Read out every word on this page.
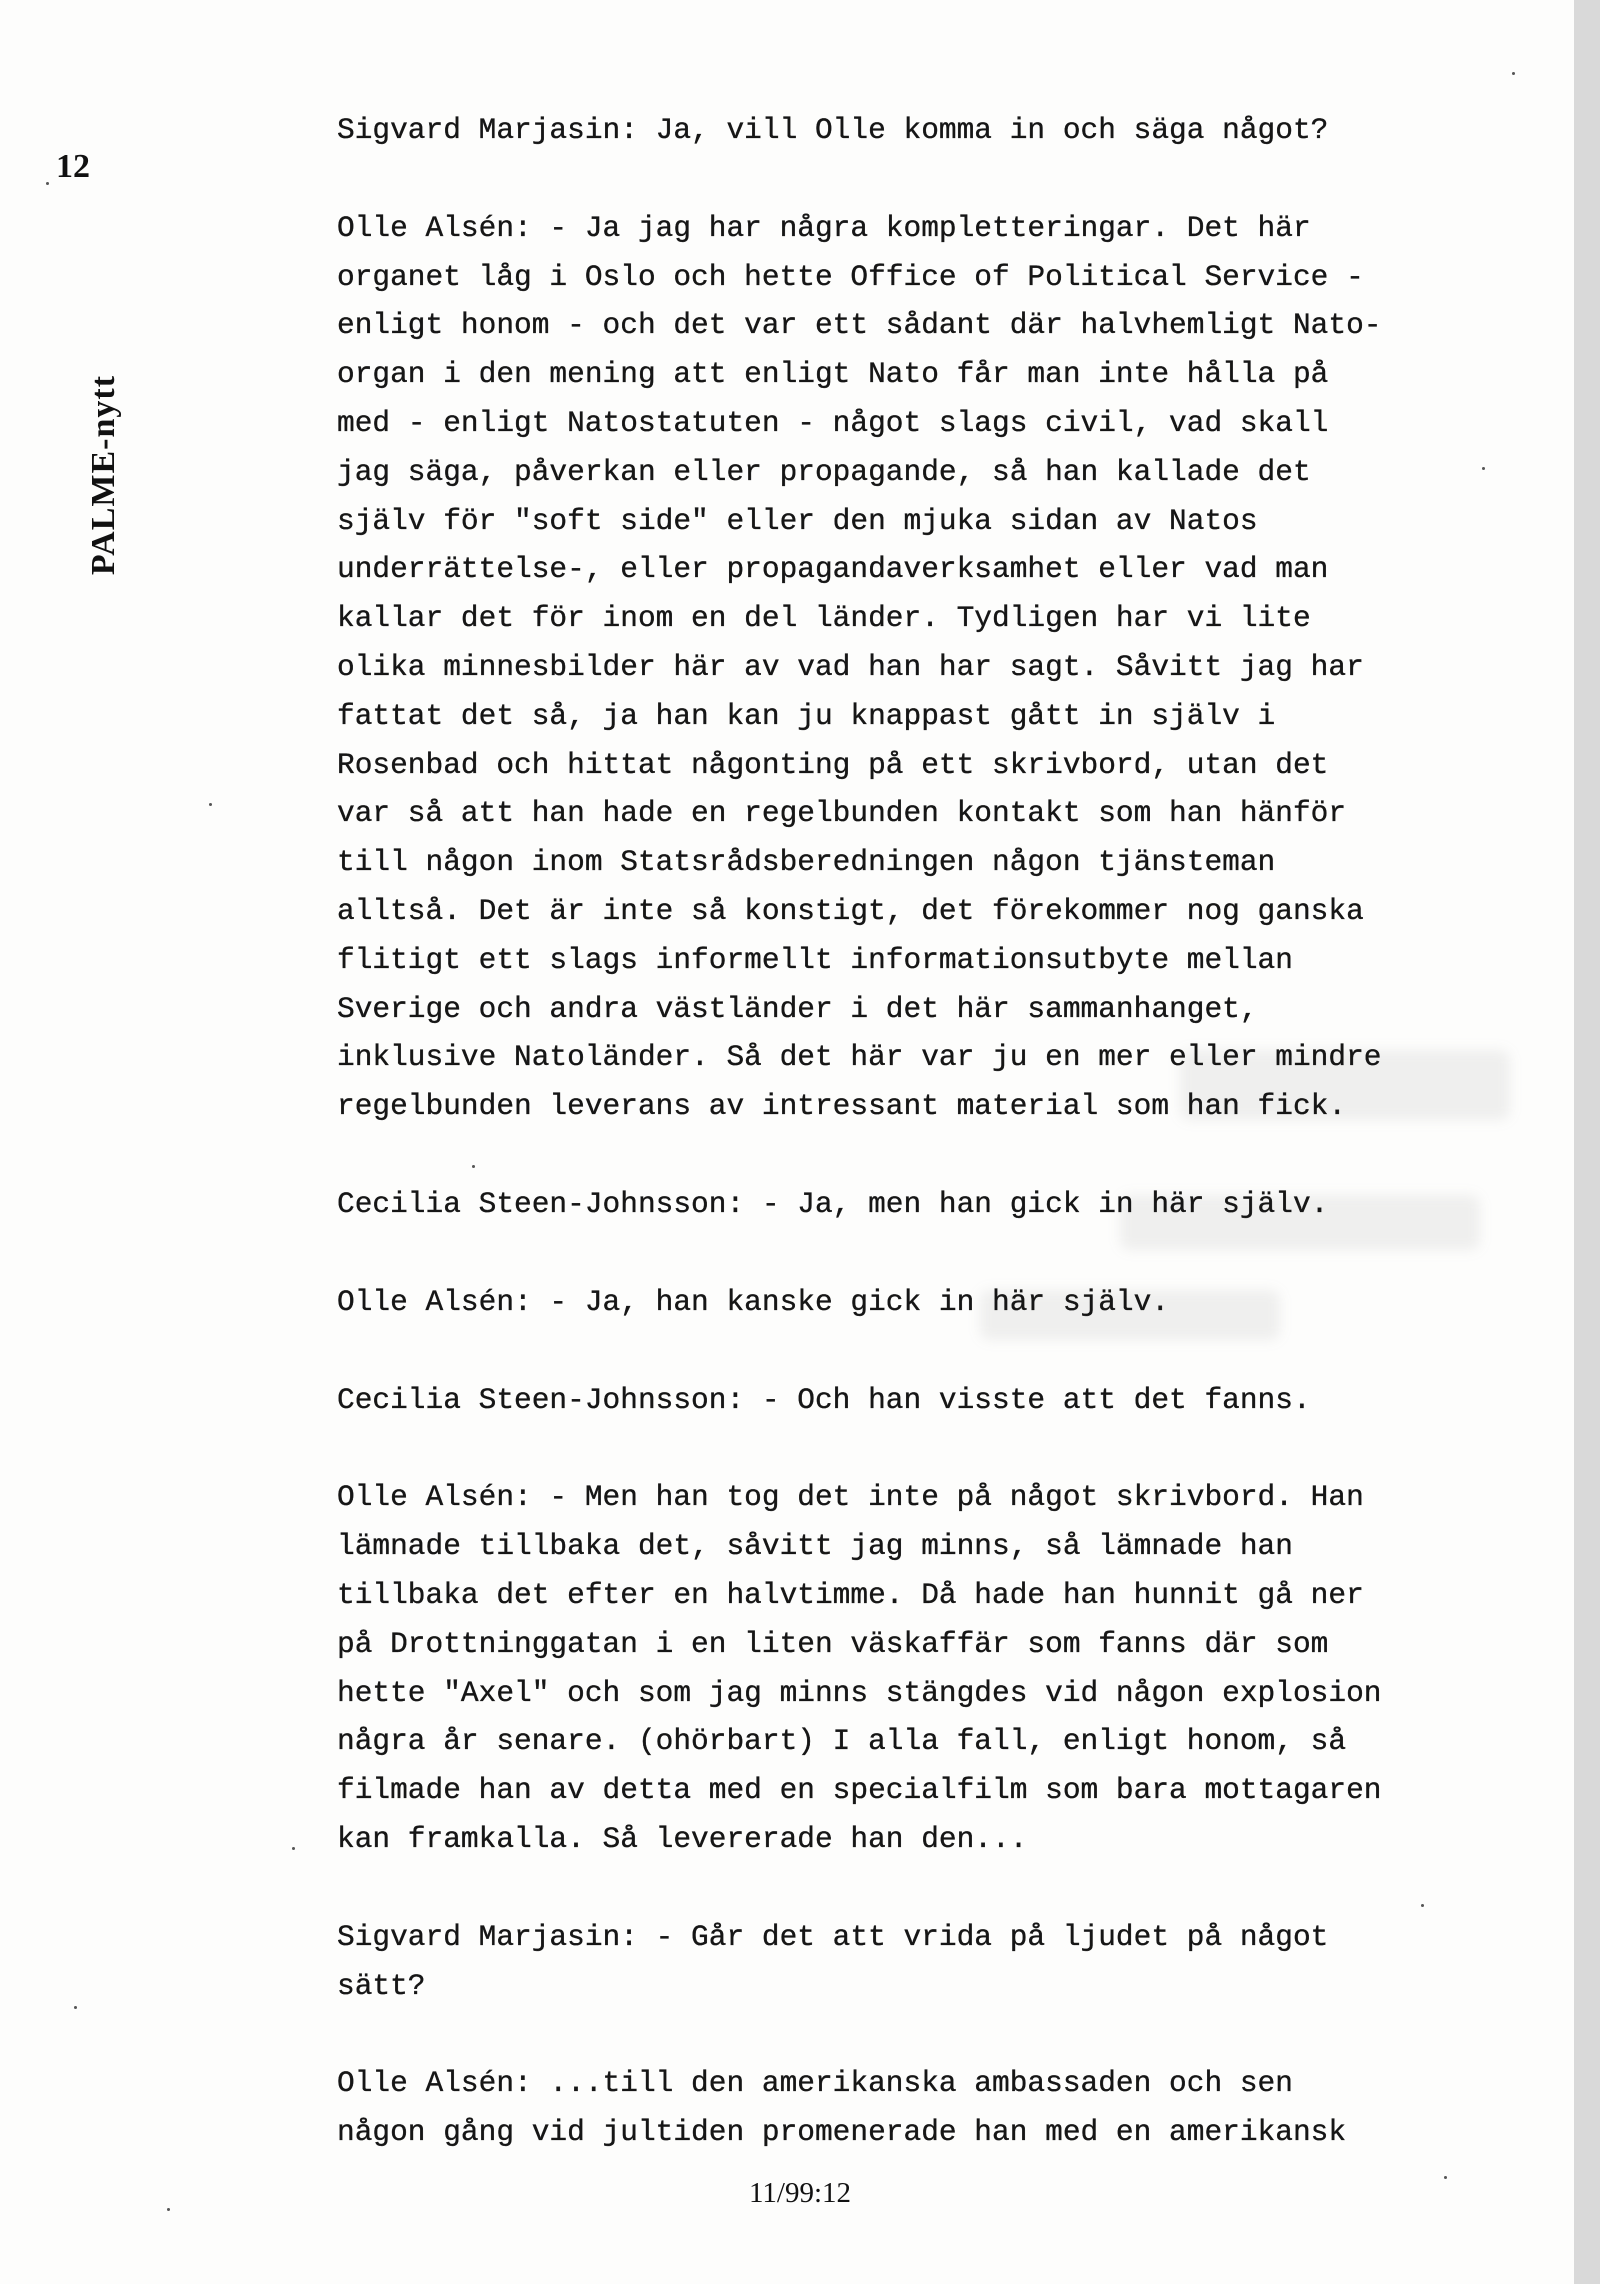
12
PALME-nytt

Sigvard Marjasin: Ja, vill Olle komma in och säga något?

Olle Alsén: - Ja jag har några kompletteringar. Det här
organet låg i Oslo och hette Office of Political Service -
enligt honom - och det var ett sådant där halvhemligt Nato-
organ i den mening att enligt Nato får man inte hålla på
med - enligt Natostatuten - något slags civil, vad skall
jag säga, påverkan eller propagande, så han kallade det
själv för "soft side" eller den mjuka sidan av Natos
underrättelse-, eller propagandaverksamhet eller vad man
kallar det för inom en del länder. Tydligen har vi lite
olika minnesbilder här av vad han har sagt. Såvitt jag har
fattat det så, ja han kan ju knappast gått in själv i
Rosenbad och hittat någonting på ett skrivbord, utan det
var så att han hade en regelbunden kontakt som han hänför
till någon inom Statsrådsberedningen någon tjänsteman
alltså. Det är inte så konstigt, det förekommer nog ganska
flitigt ett slags informellt informationsutbyte mellan
Sverige och andra västländer i det här sammanhanget,
inklusive Natoländer. Så det här var ju en mer eller mindre
regelbunden leverans av intressant material som han fick.

Cecilia Steen-Johnsson: - Ja, men han gick in här själv.

Olle Alsén: - Ja, han kanske gick in här själv.

Cecilia Steen-Johnsson: - Och han visste att det fanns.

Olle Alsén: - Men han tog det inte på något skrivbord. Han
lämnade tillbaka det, såvitt jag minns, så lämnade han
tillbaka det efter en halvtimme. Då hade han hunnit gå ner
på Drottninggatan i en liten väskaffär som fanns där som
hette "Axel" och som jag minns stängdes vid någon explosion
några år senare. (ohörbart) I alla fall, enligt honom, så
filmade han av detta med en specialfilm som bara mottagaren
kan framkalla. Så levererade han den...

Sigvard Marjasin: - Går det att vrida på ljudet på något
sätt?

Olle Alsén: ...till den amerikanska ambassaden och sen
någon gång vid jultiden promenerade han med en amerikansk

11/99:12
